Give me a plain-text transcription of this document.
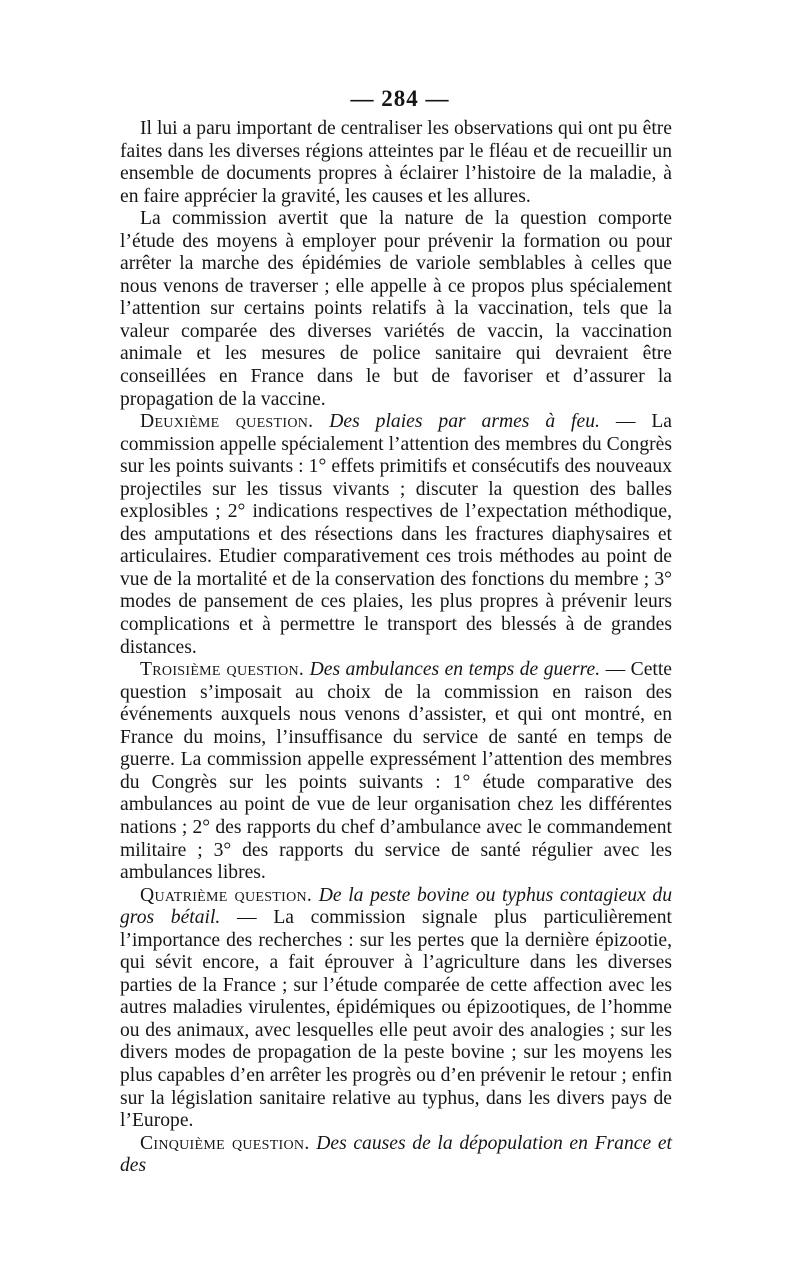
— 284 —

Il lui a paru important de centraliser les observations qui ont pu être faites dans les diverses régions atteintes par le fléau et de recueillir un ensemble de documents propres à éclairer l’histoire de la maladie, à en faire apprécier la gravité, les causes et les allures.

La commission avertit que la nature de la question comporte l’étude des moyens à employer pour prévenir la formation ou pour arrêter la marche des épidémies de variole semblables à celles que nous venons de traverser ; elle appelle à ce propos plus spécialement l’attention sur certains points relatifs à la vaccination, tels que la valeur comparée des diverses variétés de vaccin, la vaccination animale et les mesures de police sanitaire qui devraient être conseillées en France dans le but de favoriser et d’assurer la propagation de la vaccine.

Deuxième question. Des plaies par armes à feu. — La commission appelle spécialement l’attention des membres du Congrès sur les points suivants : 1° effets primitifs et consécutifs des nouveaux projectiles sur les tissus vivants ; discuter la question des balles explosibles ; 2° indications respectives de l’expectation méthodique, des amputations et des résections dans les fractures diaphysaires et articulaires. Etudier comparativement ces trois méthodes au point de vue de la mortalité et de la conservation des fonctions du membre ; 3° modes de pansement de ces plaies, les plus propres à prévenir leurs complications et à permettre le transport des blessés à de grandes distances.

Troisième question. Des ambulances en temps de guerre. — Cette question s’imposait au choix de la commission en raison des événements auxquels nous venons d’assister, et qui ont montré, en France du moins, l’insuffisance du service de santé en temps de guerre. La commission appelle expressément l’attention des membres du Congrès sur les points suivants : 1° étude comparative des ambulances au point de vue de leur organisation chez les différentes nations ; 2° des rapports du chef d’ambulance avec le commandement militaire ; 3° des rapports du service de santé régulier avec les ambulances libres.

Quatrième question. De la peste bovine ou typhus contagieux du gros bétail. — La commission signale plus particulièrement l’importance des recherches : sur les pertes que la dernière épizootie, qui sévit encore, a fait éprouver à l’agriculture dans les diverses parties de la France ; sur l’étude comparée de cette affection avec les autres maladies virulentes, épidémiques ou épizootiques, de l’homme ou des animaux, avec lesquelles elle peut avoir des analogies ; sur les divers modes de propagation de la peste bovine ; sur les moyens les plus capables d’en arrêter les progrès ou d’en prévenir le retour ; enfin sur la législation sanitaire relative au typhus, dans les divers pays de l’Europe.

Cinquième question. Des causes de la dépopulation en France et des
